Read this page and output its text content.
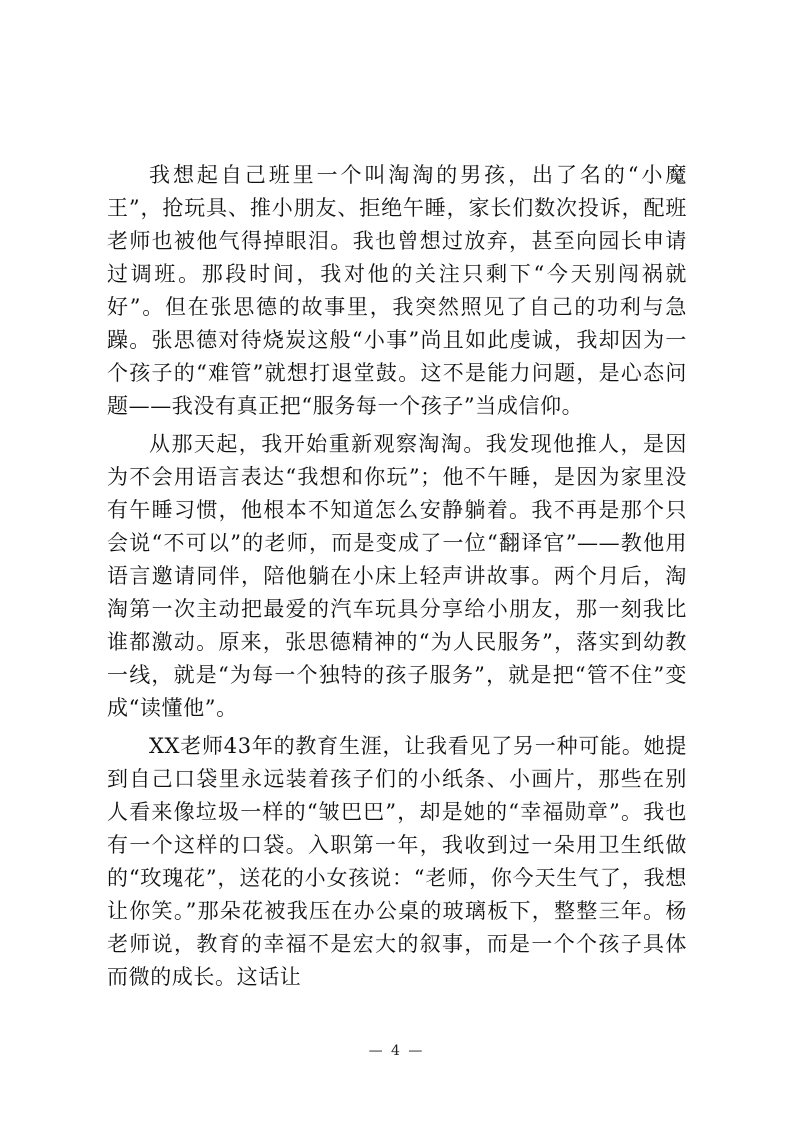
我想起自己班里一个叫淘淘的男孩，出了名的“小魔王”，抢玩具、推小朋友、拒绝午睡，家长们数次投诉，配班老师也被他气得掉眼泪。我也曾想过放弃，甚至向园长申请过调班。那段时间，我对他的关注只剩下“今天别闯祸就好”。但在张思德的故事里，我突然照见了自己的功利与急躁。张思德对待烧炭这般“小事”尚且如此虔诚，我却因为一个孩子的“难管”就想打退堂鼓。这不是能力问题，是心态问题——我没有真正把“服务每一个孩子”当成信仰。

从那天起，我开始重新观察淘淘。我发现他推人，是因为不会用语言表达“我想和你玩”；他不午睡，是因为家里没有午睡习惯，他根本不知道怎么安静躺着。我不再是那个只会说“不可以”的老师，而是变成了一位“翻译官”——教他用语言邀请同伴，陪他躺在小床上轻声讲故事。两个月后，淘淘第一次主动把最爱的汽车玩具分享给小朋友，那一刻我比谁都激动。原来，张思德精神的“为人民服务”，落实到幼教一线，就是“为每一个独特的孩子服务”，就是把“管不住”变成“读懂他”。

XX老师43年的教育生涯，让我看见了另一种可能。她提到自己口袋里永远装着孩子们的小纸条、小画片，那些在别人看来像垃圾一样的“皱巴巴”，却是她的“幸福勋章”。我也有一个这样的口袋。入职第一年，我收到过一朵用卫生纸做的“玫瑰花”，送花的小女孩说：“老师，你今天生气了，我想让你笑。”那朵花被我压在办公桌的玻璃板下，整整三年。杨老师说，教育的幸福不是宏大的叙事，而是一个个孩子具体而微的成长。这话让

— 4 —
